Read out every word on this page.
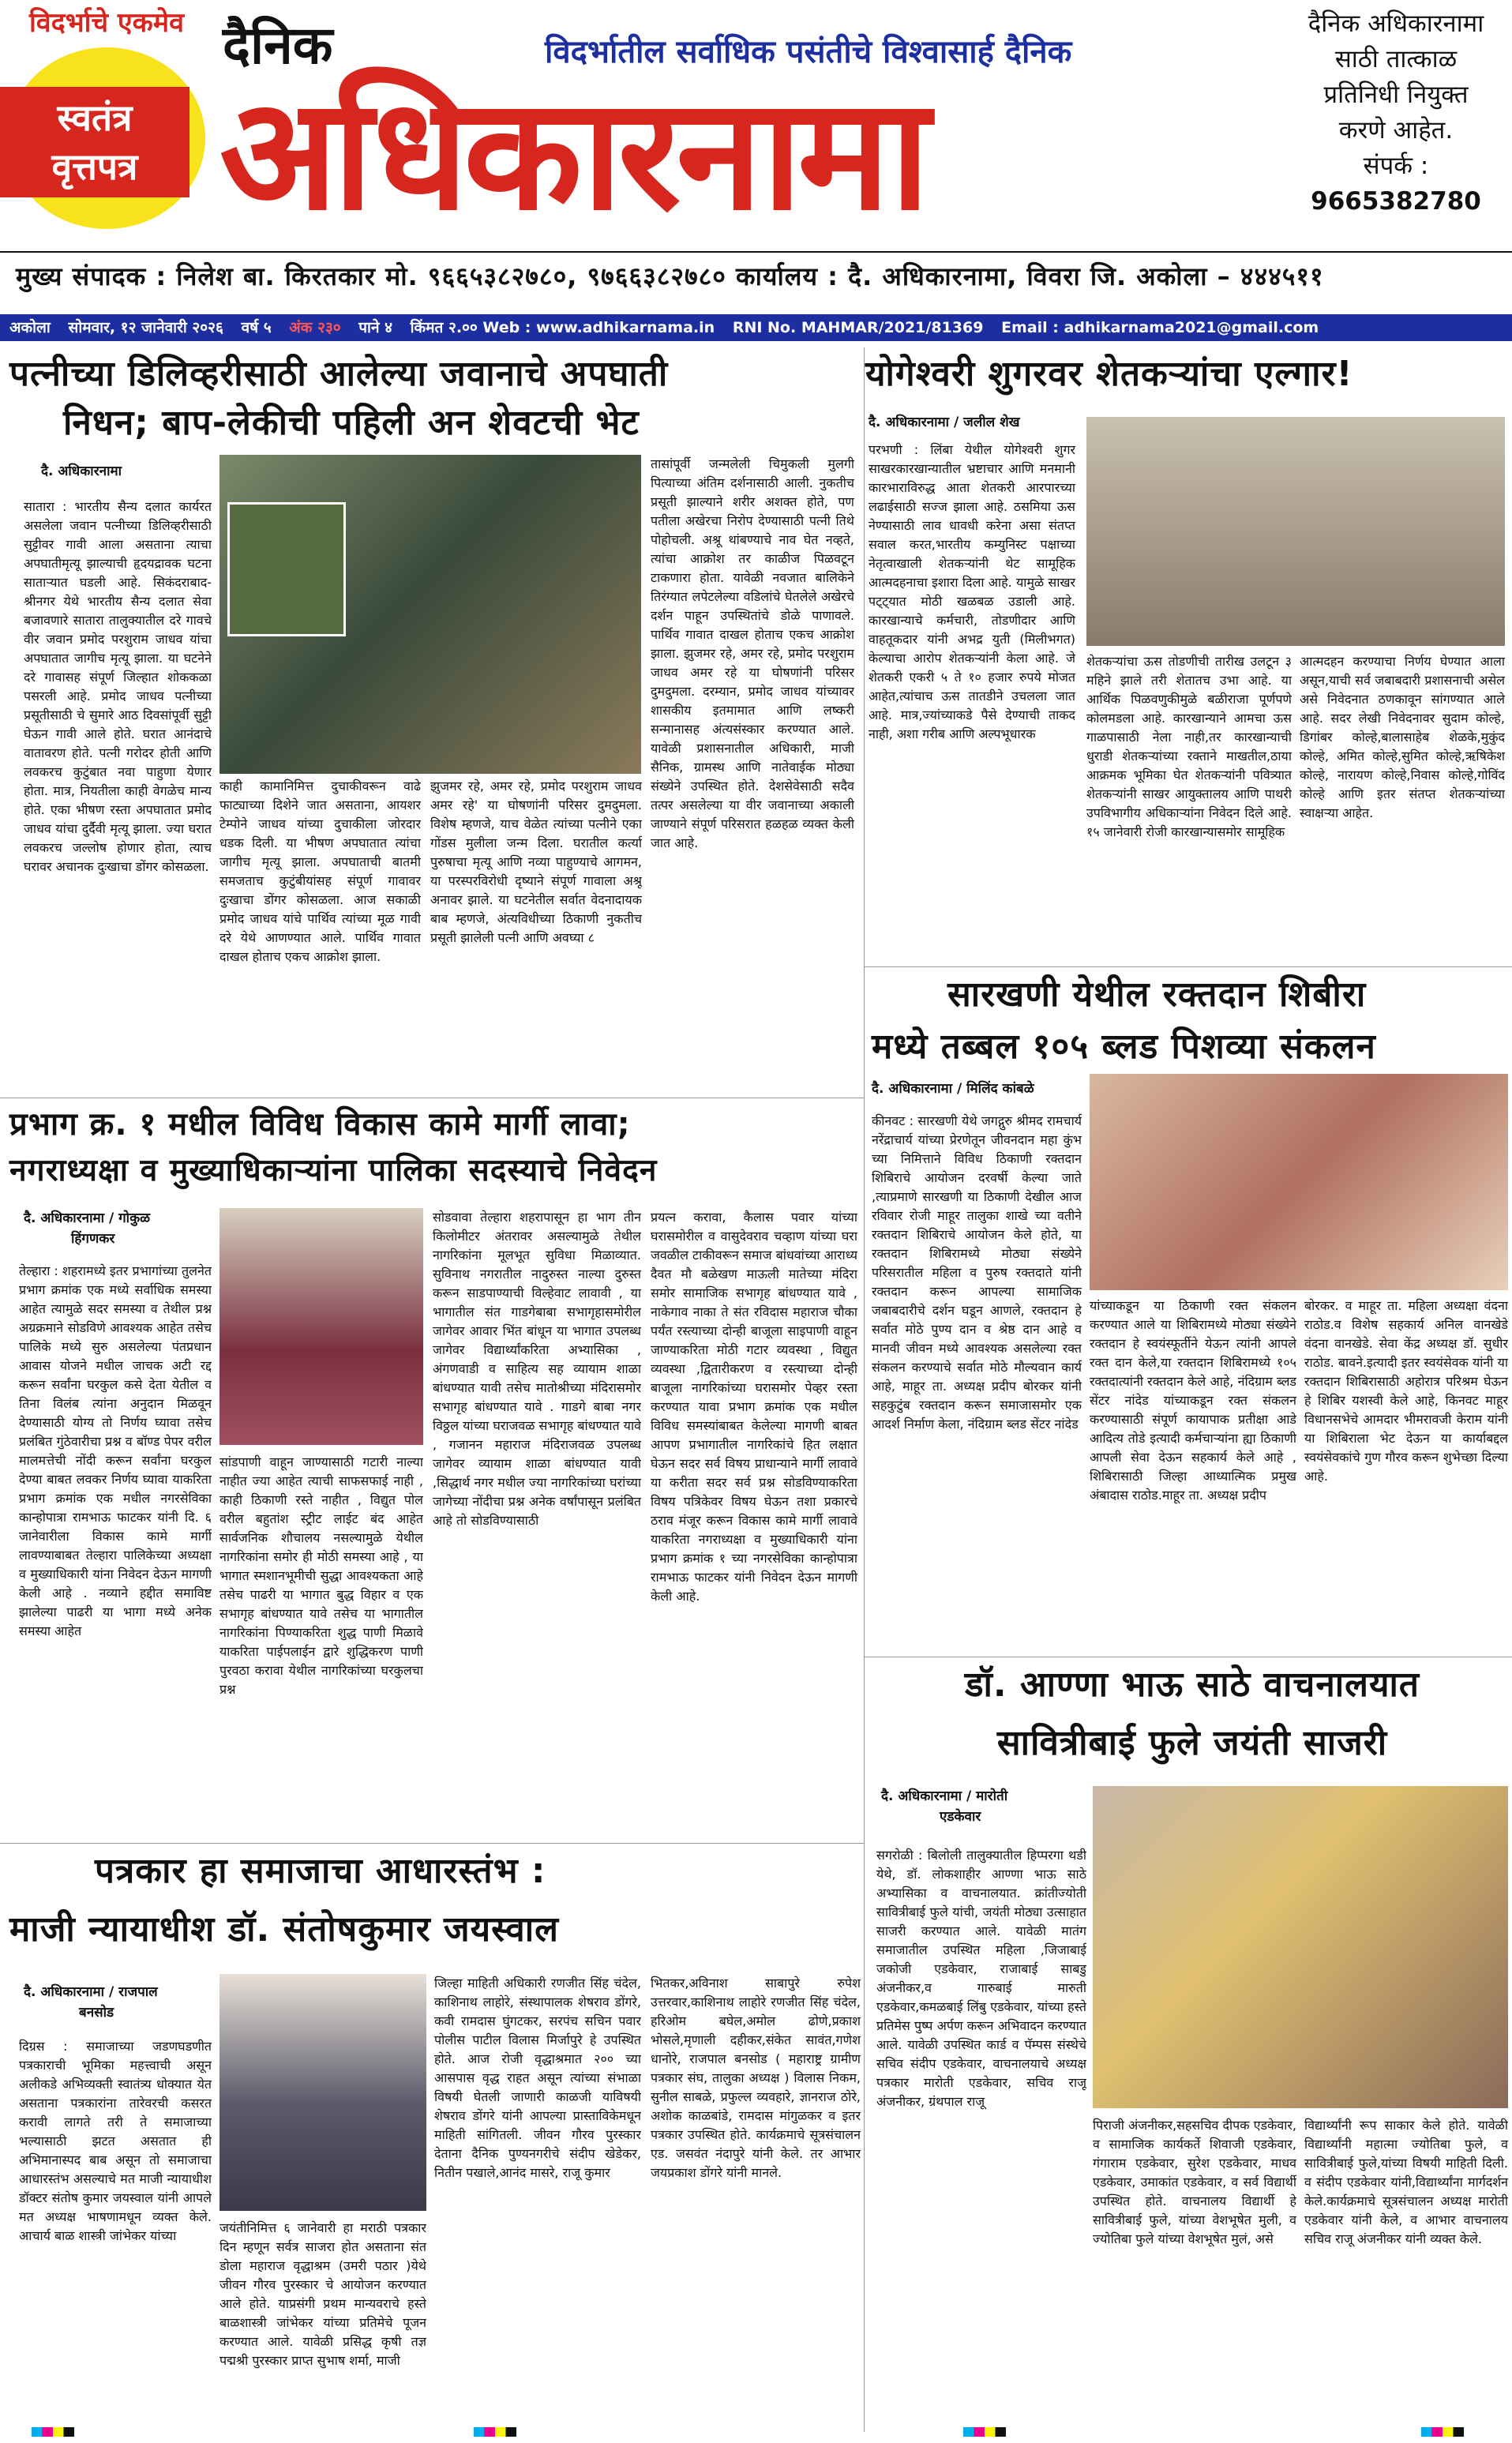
विदर्भाचे एकमेव
स्वतंत्र
वृत्तपत्र
दैनिक	विदर्भातील सर्वाधिक पसंतीचे विश्वासार्ह दैनिक
अधिकारनामा
दैनिक अधिकारनामा
साठी तात्काळ
प्रतिनिधी नियुक्त
करणे आहेत.
संपर्क :
9665382780
मुख्य संपादक : निलेश बा. किरतकार मो. ९६६५३८२७८०, ९७६६३८२७८० कार्यालय : दै. अधिकारनामा, विवरा जि. अकोला – ४४४५११
अकोला सोमवार, १२ जानेवारी २०२६ वर्ष ५ अंक २३० पाने ४ किंमत २.०० Web : www.adhikarnama.in RNI No. MAHMAR/2021/81369 Email : adhikarnama2021@gmail.com
पत्नीच्या डिलिव्हरीसाठी आलेल्या जवानाचे अपघाती
निधन; बाप-लेकीची पहिली अन शेवटची भेट
दै. अधिकारनामा
सातारा : भारतीय सैन्य दलात कार्यरत असलेला जवान पत्नीच्या डिलिव्हरीसाठी सुट्टीवर गावी आला असताना त्याचा अपघातीमृत्यू झाल्याची हृदयद्रावक घटना साताऱ्यात घडली आहे. सिकंदराबाद-श्रीनगर येथे भारतीय सैन्य दलात सेवा बजावणारे सातारा तालुक्यातील दरे गावचे वीर जवान प्रमोद परशुराम जाधव यांचा अपघातात जागीच मृत्यू झाला. या घटनेने दरे गावासह संपूर्ण जिल्हात शोककळा पसरली आहे. प्रमोद जाधव पत्नीच्या प्रसूतीसाठी चे सुमारे आठ दिवसांपूर्वी सुट्टी घेऊन गावी आले होते. घरात आनंदाचे वातावरण होते. पत्नी गरोदर होती आणि लवकरच कुटुंबात नवा पाहुणा येणार होता. मात्र, नियतीला काही वेगळेच मान्य होते. एका भीषण रस्ता अपघातात प्रमोद जाधव यांचा दुर्दैवी मृत्यू झाला. ज्या घरात लवकरच जल्लोष होणार होता, त्याच घरावर अचानक दुःखाचा डोंगर कोसळला.
काही कामानिमित्त दुचाकीवरून वाढे फाट्याच्या दिशेने जात असताना, आयशर टेम्पोने जाधव यांच्या दुचाकीला जोरदार धडक दिली. या भीषण अपघातात त्यांचा जागीच मृत्यू झाला. अपघाताची बातमी समजताच कुटुंबीयांसह संपूर्ण गावावर दुःखाचा डोंगर कोसळला. आज सकाळी प्रमोद जाधव यांचे पार्थिव त्यांच्या मूळ गावी दरे येथे आणण्यात आले. पार्थिव गावात दाखल होताच एकच आक्रोश झाला.
झुजमर रहे, अमर रहे, प्रमोद परशुराम जाधव अमर रहे' या घोषणांनी परिसर दुमदुमला. विशेष म्हणजे, याच वेळेत त्यांच्या पत्नीने एका गोंडस मुलीला जन्म दिला. घरातील कर्त्या पुरुषाचा मृत्यू आणि नव्या पाहुण्याचे आगमन, या परस्परविरोधी दृष्याने संपूर्ण गावाला अश्रू अनावर झाले. या घटनेतील सर्वात वेदनादायक बाब म्हणजे, अंत्यविधीच्या ठिकाणी नुकतीच प्रसूती झालेली पत्नी आणि अवघ्या ८
तासांपूर्वी जन्मलेली चिमुकली मुलगी पित्याच्या अंतिम दर्शनासाठी आली. नुकतीच प्रसूती झाल्याने शरीर अशक्त होते, पण पतीला अखेरचा निरोप देण्यासाठी पत्नी तिथे पोहोचली. अश्रू थांबण्याचे नाव घेत नव्हते, त्यांचा आक्रोश तर काळीज पिळवटून टाकणारा होता. यावेळी नवजात बालिकेने तिरंग्यात लपेटलेल्या वडिलांचे घेतलेले अखेरचे दर्शन पाहून उपस्थितांचे डोळे पाणावले. पार्थिव गावात दाखल होताच एकच आक्रोश झाला. झुजमर रहे, अमर रहे, प्रमोद परशुराम जाधव अमर रहे या घोषणांनी परिसर दुमदुमला. दरम्यान, प्रमोद जाधव यांच्यावर शासकीय इतमामात आणि लष्करी सन्मानासह अंत्यसंस्कार करण्यात आले. यावेळी प्रशासनातील अधिकारी, माजी सैनिक, ग्रामस्थ आणि नातेवाईक मोठ्या संख्येने उपस्थित होते. देशसेवेसाठी सदैव तत्पर असलेल्या या वीर जवानाच्या अकाली जाण्याने संपूर्ण परिसरात हळहळ व्यक्त केली जात आहे.
योगेश्वरी शुगरवर शेतकऱ्यांचा एल्गार!
दै. अधिकारनामा / जलील शेख
परभणी : लिंबा येथील योगेश्वरी शुगर साखरकारखान्यातील भ्रष्टाचार आणि मनमानी कारभाराविरुद्ध आता शेतकरी आरपारच्या लढाईसाठी सज्ज झाला आहे. ठसमिया ऊस नेण्यासाठी लाव धावधी करेना असा संतप्त सवाल करत,भारतीय कम्युनिस्ट पक्षाच्या नेतृत्वाखाली शेतकऱ्यांनी थेट सामूहिक आत्मदहनाचा इशारा दिला आहे. यामुळे साखर पट्ट्यात मोठी खळबळ उडाली आहे. कारखान्याचे कर्मचारी, तोडणीदार आणि वाहतूकदार यांनी अभद्र युती (मिलीभगत) केल्याचा आरोप शेतकऱ्यांनी केला आहे. जे शेतकरी एकरी ५ ते १० हजार रुपये मोजत आहेत,त्यांचाच ऊस तातडीने उचलला जात आहे. मात्र,ज्यांच्याकडे पैसे देण्याची ताकद नाही, अशा गरीब आणि अल्पभूधारक
शेतकऱ्यांचा ऊस तोडणीची तारीख उलटून ३ महिने झाले तरी शेतातच उभा आहे. या आर्थिक पिळवणुकीमुळे बळीराजा पूर्णपणे कोलमडला आहे. कारखान्याने आमचा ऊस गाळपासाठी नेला नाही,तर कारखान्याची धुराडी शेतकऱ्यांच्या रक्ताने माखतील,ठाया आक्रमक भूमिका घेत शेतकऱ्यांनी पवित्र्यात शेतकऱ्यांनी साखर आयुक्तालय आणि पाथरी उपविभागीय अधिकाऱ्यांना निवेदन दिले आहे. १५ जानेवारी रोजी कारखान्यासमोर सामूहिक
आत्मदहन करण्याचा निर्णय घेण्यात आला असून,याची सर्व जबाबदारी प्रशासनाची असेल असे निवेदनात ठणकावून सांगण्यात आले आहे. सदर लेखी निवेदनावर सुदाम कोल्हे, डिगांबर कोल्हे,बालासाहेब शेळके,मुकुंद कोल्हे, अमित कोल्हे,सुमित कोल्हे,ऋषिकेश कोल्हे, नारायण कोल्हे,निवास कोल्हे,गोविंद कोल्हे आणि इतर संतप्त शेतकऱ्यांच्या स्वाक्षऱ्या आहेत.
सारखणी येथील रक्तदान शिबीरा
मध्ये तब्बल १०५ ब्लड पिशव्या संकलन
दै. अधिकारनामा / मिलिंद कांबळे
कीनवट : सारखणी येथे जगद्गुरु श्रीमद रामचार्य नरेंद्राचार्य यांच्या प्रेरणेतून जीवनदान महा कुंभ च्या निमित्ताने विविध ठिकाणी रक्तदान शिबिराचे आयोजन दरवर्षी केल्या जाते ,त्याप्रमाणे सारखणी या ठिकाणी देखील आज रविवार रोजी माहूर तालुका शाखे च्या वतीने रक्तदान शिबिराचे आयोजन केले होते, या रक्तदान शिबिरामध्ये मोठ्या संख्येने परिसरातील महिला व पुरुष रक्तदाते यांनी रक्तदान करून आपल्या सामाजिक जबाबदारीचे दर्शन घडून आणले, रक्तदान हे सर्वात मोठे पुण्य दान व श्रेष्ठ दान आहे व मानवी जीवन मध्ये आवश्यक असलेल्या रक्त संकलन करण्याचे सर्वात मोठे मौल्यवान कार्य आहे, माहूर ता. अध्यक्ष प्रदीप बोरकर यांनी सहकुटुंब रक्तदान करून समाजासमोर एक आदर्श निर्माण केला, नंदिग्राम ब्लड सेंटर नांदेड
यांच्याकडून या ठिकाणी रक्त संकलन करण्यात आले या शिबिरामध्ये मोठ्या संख्येने रक्तदान हे स्वयंस्फूर्तीने येऊन त्यांनी आपले रक्त दान केले,या रक्तदान शिबिरामध्ये १०५ रक्तदात्यांनी रक्तदान केले आहे, नंदिग्राम ब्लड सेंटर नांदेड यांच्याकडून रक्त संकलन करण्यासाठी संपूर्ण कायापाक प्रतीक्षा आडे आदित्य तोडे इत्यादी कर्मचाऱ्यांना ह्या ठिकाणी आपली सेवा देऊन सहकार्य केले आहे , शिबिरासाठी जिल्हा आध्यात्मिक प्रमुख अंबादास राठोड.माहूर ता. अध्यक्ष प्रदीप
बोरकर. व माहूर ता. महिला अध्यक्षा वंदना राठोड.व विशेष सहकार्य अनिल वानखेडे वंदना वानखेडे. सेवा केंद्र अध्यक्ष डॉ. सुधीर राठोड. बावने.इत्यादी इतर स्वयंसेवक यांनी या रक्तदान शिबिरासाठी अहोरात्र परिश्रम घेऊन हे शिबिर यशस्वी केले आहे, किनवट माहूर विधानसभेचे आमदार भीमरावजी केराम यांनी या शिबिराला भेट देऊन या कार्याबद्दल स्वयंसेवकांचे गुण गौरव करून शुभेच्छा दिल्या आहे.
प्रभाग क्र. १ मधील विविध विकास कामे मार्गी लावा;
नगराध्यक्षा व मुख्याधिकाऱ्यांना पालिका सदस्याचे निवेदन
दै. अधिकारनामा / गोकुळ
हिंगणकर
तेल्हारा : शहरामध्ये इतर प्रभागांच्या तुलनेत प्रभाग क्रमांक एक मध्ये सर्वाधिक समस्या आहेत त्यामुळे सदर समस्या व तेथील प्रश्न अग्रक्रमाने सोडविणे आवश्यक आहेत तसेच पालिके मध्ये सुरु असलेल्या पंतप्रधान आवास योजने मधील जाचक अटी रद्द करून सर्वांना घरकुल कसे देता येतील व तिना विलंब त्यांना अनुदान मिळवून देण्यासाठी योग्य तो निर्णय घ्यावा तसेच प्रलंबित गुंठेवारीचा प्रश्न व बॉण्ड पेपर वरील मालमत्तेची नोंदी करून सर्वांना घरकुल देण्या बाबत लवकर निर्णय घ्यावा याकरिता प्रभाग क्रमांक एक मधील नगरसेविका कान्होपात्रा रामभाऊ फाटकर यांनी दि. ६ जानेवारीला विकास कामे मार्गी लावण्याबाबत तेल्हारा पालिकेच्या अध्यक्षा व मुख्याधिकारी यांना निवेदन देऊन मागणी केली आहे . नव्याने हद्दीत समाविष्ट झालेल्या पाढरी या भागा मध्ये अनेक समस्या आहेत
सांडपाणी वाहून जाण्यासाठी गटारी नाल्या नाहीत ज्या आहेत त्याची साफसफाई नाही , काही ठिकाणी रस्ते नाहीत , विद्युत पोल वरील बहुतांश स्ट्रीट लाईट बंद आहेत सार्वजनिक शौचालय नसल्यामुळे येथील नागरिकांना समोर ही मोठी समस्या आहे , या भागात स्मशानभूमीची सुद्धा आवश्यकता आहे तसेच पाढरी या भागात बुद्ध विहार व एक सभागृह बांधण्यात यावे तसेच या भागातील नागरिकांना पिण्याकरिता शुद्ध पाणी मिळावे याकरिता पाईपलाईन द्वारे शुद्धिकरण पाणी पुरवठा करावा येथील नागरिकांच्या घरकुलचा प्रश्न
सोडवावा तेल्हारा शहरापासून हा भाग तीन किलोमीटर अंतरावर असल्यामुळे तेथील नागरिकांना मूलभूत सुविधा मिळाव्यात. सुविनाथ नगरातील नादुरुस्त नाल्या दुरुस्त करून साडपाण्याची विल्हेवाट लावावी , या भागातील संत गाडगेबाबा सभागृहासमोरील जागेवर आवार भिंत बांधून या भागात उपलब्ध जागेवर विद्यार्थ्यांकरिता अभ्यासिका , अंगणवाडी व साहित्य सह व्यायाम शाळा बांधण्यात यावी तसेच मातोश्रीच्या मंदिरासमोर सभागृह बांधण्यात यावे . गाडगे बाबा नगर विठ्ठल यांच्या घराजवळ सभागृह बांधण्यात यावे , गजानन महाराज मंदिराजवळ उपलब्ध जागेवर व्यायाम शाळा बांधण्यात यावी ,सिद्धार्थ नगर मधील ज्या नागरिकांच्या घरांच्या जागेच्या नोंदीचा प्रश्न अनेक वर्षांपासून प्रलंबित आहे तो सोडविण्यासाठी
प्रयत्न करावा, कैलास पवार यांच्या घरासमोरील व वासुदेवराव चव्हाण यांच्या घरा जवळील टाकीवरून समाज बांधवांच्या आराध्य दैवत मौ बळेखण माऊली मातेच्या मंदिरा समोर सामाजिक सभागृह बांधण्यात यावे , नाकेगाव नाका ते संत रविदास महाराज चौका पर्यंत रस्त्याच्या दोन्ही बाजूला साइपाणी वाहून जाण्याकरिता मोठी गटार व्यवस्था , विद्युत व्यवस्था ,द्वितारीकरण व रस्त्याच्या दोन्ही बाजूला नागरिकांच्या घरासमोर पेव्हर रस्ता करण्यात यावा प्रभाग क्रमांक एक मधील विविध समस्यांबाबत केलेल्या मागणी बाबत आपण प्रभागातील नागरिकांचे हित लक्षात घेऊन सदर सर्व विषय प्राधान्याने मार्गी लावावे या करीता सदर सर्व प्रश्न सोडविण्याकरिता विषय पत्रिकेवर विषय घेऊन तशा प्रकारचे ठराव मंजूर करून विकास कामे मार्गी लावावे याकरिता नगराध्यक्षा व मुख्याधिकारी यांना प्रभाग क्रमांक १ च्या नगरसेविका कान्होपात्रा रामभाऊ फाटकर यांनी निवेदन देऊन मागणी केली आहे.
डॉ. आण्णा भाऊ साठे वाचनालयात
सावित्रीबाई फुले जयंती साजरी
दै. अधिकारनामा / मारोती
एडकेवार
सगरोळी : बिलोली तालुक्यातील हिप्परगा थडी येथे, डॉ. लोकशाहीर आण्णा भाऊ साठे अभ्यासिका व वाचनालयात. क्रांतीज्योती सावित्रीबाई फुले यांची, जयंती मोठ्या उत्साहात साजरी करण्यात आले. यावेळी मातंग समाजातील उपस्थित महिला ,जिजाबाई जकोजी एडकेवार, राजाबाई साबडु अंजनीकर,व गारुबाई मारुती एडकेवार,कमळबाई लिंबु एडकेवार, यांच्या हस्ते प्रतिमेस पुष्प अर्पण करून अभिवादन करण्यात आले. यावेळी उपस्थित कार्ड व पॅम्पस संस्थेचे सचिव संदीप एडकेवार, वाचनालयाचे अध्यक्ष पत्रकार मारोती एडकेवार, सचिव राजू अंजनीकर, ग्रंथपाल राजू
पिराजी अंजनीकर,सहसचिव दीपक एडकेवार, व सामाजिक कार्यकर्ते शिवाजी एडकेवार, गंगाराम एडकेवार, सुरेश एडकेवार, माधव एडकेवार, उमाकांत एडकेवार, व सर्व विद्यार्थी उपस्थित होते. वाचनालय विद्यार्थी हे सावित्रीबाई फुले, यांच्या वेशभूषेत मुली, व ज्योतिबा फुले यांच्या वेशभूषेत मुलं, असे
विद्यार्थ्यांनी रूप साकार केले होते. यावेळी विद्यार्थ्यांनी महात्मा ज्योतिबा फुले, व सावित्रीबाई फुले,यांच्या विषयी माहिती दिली. व संदीप एडकेवार यांनी,विद्यार्थ्यांना मार्गदर्शन केले.कार्यक्रमाचे सूत्रसंचालन अध्यक्ष मारोती एडकेवार यांनी केले, व आभार वाचनालय सचिव राजू अंजनीकर यांनी व्यक्त केले.
पत्रकार हा समाजाचा आधारस्तंभ :
माजी न्यायाधीश डॉ. संतोषकुमार जयस्वाल
दै. अधिकारनामा / राजपाल
बनसोड
दिग्रस : समाजाच्या जडणघडणीत पत्रकाराची भूमिका महत्त्वाची असून अलीकडे अभिव्यक्ती स्वातंत्र्य धोक्यात येत असताना पत्रकारांना तारेवरची कसरत करावी लागते तरी ते समाजाच्या भल्यासाठी झटत असतात ही अभिमानास्पद बाब असून तो समाजाचा आधारस्तंभ असल्याचे मत माजी न्यायाधीश डॉक्टर संतोष कुमार जयस्वाल यांनी आपले मत अध्यक्ष भाषणामधून व्यक्त केले. आचार्य बाळ शास्त्री जांभेकर यांच्या
जयंतीनिमित्त ६ जानेवारी हा मराठी पत्रकार दिन म्हणून सर्वत्र साजरा होत असताना संत डोला महाराज वृद्धाश्रम (उमरी पठार )येथे जीवन गौरव पुरस्कार चे आयोजन करण्यात आले होते. याप्रसंगी प्रथम मान्यवराचे हस्ते बाळशास्त्री जांभेकर यांच्या प्रतिमेचे पूजन करण्यात आले. यावेळी प्रसिद्ध कृषी तज्ञ पद्मश्री पुरस्कार प्राप्त सुभाष शर्मा, माजी
जिल्हा माहिती अधिकारी रणजीत सिंह चंदेल, काशिनाथ लाहोरे, संस्थापालक शेषराव डोंगरे, कवी रामदास घुंगटकर, सरपंच सचिन पवार पोलीस पाटील विलास मिर्जापुरे हे उपस्थित होते. आज रोजी वृद्धाश्रमात २०० च्या आसपास वृद्ध राहत असून त्यांच्या संभाळा विषयी घेतली जाणारी काळजी याविषयी शेषराव डोंगरे यांनी आपल्या प्रास्ताविकेमधून माहिती सांगितली. जीवन गौरव पुरस्कार देताना दैनिक पुण्यनगरीचे संदीप खेडेकर, नितीन पखाले,आनंद मासरे, राजू कुमार
भितकर,अविनाश साबापुरे रुपेश उत्तरवार,काशिनाथ लाहोरे रणजीत सिंह चंदेल, हरिओम बघेल,अमोल ढोणे,प्रकाश भोसले,मृणाली दहीकर,संकेत सावंत,गणेश धानोरे, राजपाल बनसोड ( महाराष्ट्र ग्रामीण पत्रकार संघ, तालुका अध्यक्ष ) विलास निकम, सुनील साबळे, प्रफुल्ल व्यवहारे, ज्ञानराज ठोरे, अशोक काळबांडे, रामदास मांगुळकर व इतर पत्रकार उपस्थित होते. कार्यक्रमाचे सूत्रसंचालन एड. जसवंत नंदापुरे यांनी केले. तर आभार जयप्रकाश डोंगरे यांनी मानले.
